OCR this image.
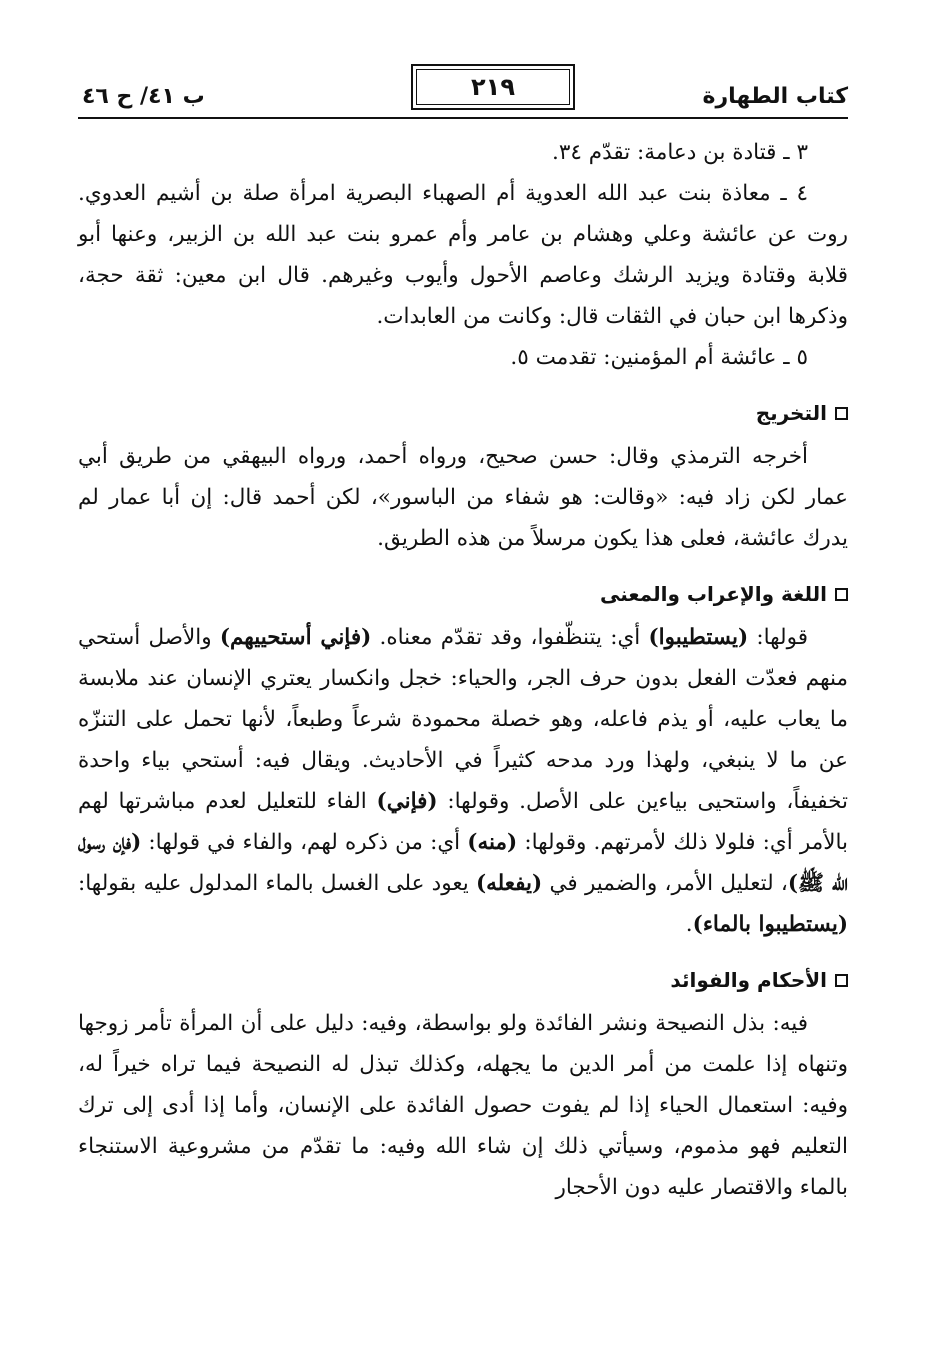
كتاب الطهارة
٢١٩
ب ٤١/ ح ٤٦

٣ ـ قتادة بن دعامة: تقدّم ٣٤.

٤ ـ معاذة بنت عبد الله العدوية أم الصهباء البصرية امرأة صلة بن أشيم العدوي. روت عن عائشة وعلي وهشام بن عامر وأم عمرو بنت عبد الله بن الزبير، وعنها أبو قلابة وقتادة ويزيد الرشك وعاصم الأحول وأيوب وغيرهم. قال ابن معين: ثقة حجة، وذكرها ابن حبان في الثقات قال: وكانت من العابدات.

٥ ـ عائشة أم المؤمنين: تقدمت ٥.

التخريج

أخرجه الترمذي وقال: حسن صحيح، ورواه أحمد، ورواه البيهقي من طريق أبي عمار لكن زاد فيه: «وقالت: هو شفاء من الباسور»، لكن أحمد قال: إن أبا عمار لم يدرك عائشة، فعلى هذا يكون مرسلاً من هذه الطريق.

اللغة والإعراب والمعنى

قولها: (يستطيبوا) أي: يتنظّفوا، وقد تقدّم معناه. (فإني أستحييهم) والأصل أستحي منهم فعدّت الفعل بدون حرف الجر، والحياء: خجل وانكسار يعتري الإنسان عند ملابسة ما يعاب عليه، أو يذم فاعله، وهو خصلة محمودة شرعاً وطبعاً، لأنها تحمل على التنزّه عن ما لا ينبغي، ولهذا ورد مدحه كثيراً في الأحاديث. ويقال فيه: أستحي بياء واحدة تخفيفاً، واستحيى بياءين على الأصل. وقولها: (فإني) الفاء للتعليل لعدم مباشرتها لهم بالأمر أي: فلولا ذلك لأمرتهم. وقولها: (منه) أي: من ذكره لهم، والفاء في قولها: (فإن رسول الله ﷺ)، لتعليل الأمر، والضمير في (يفعله) يعود على الغسل بالماء المدلول عليه بقولها: (يستطيبوا بالماء).

الأحكام والفوائد

فيه: بذل النصيحة ونشر الفائدة ولو بواسطة، وفيه: دليل على أن المرأة تأمر زوجها وتنهاه إذا علمت من أمر الدين ما يجهله، وكذلك تبذل له النصيحة فيما تراه خيراً له، وفيه: استعمال الحياء إذا لم يفوت حصول الفائدة على الإنسان، وأما إذا أدى إلى ترك التعليم فهو مذموم، وسيأتي ذلك إن شاء الله وفيه: ما تقدّم من مشروعية الاستنجاء بالماء والاقتصار عليه دون الأحجار
